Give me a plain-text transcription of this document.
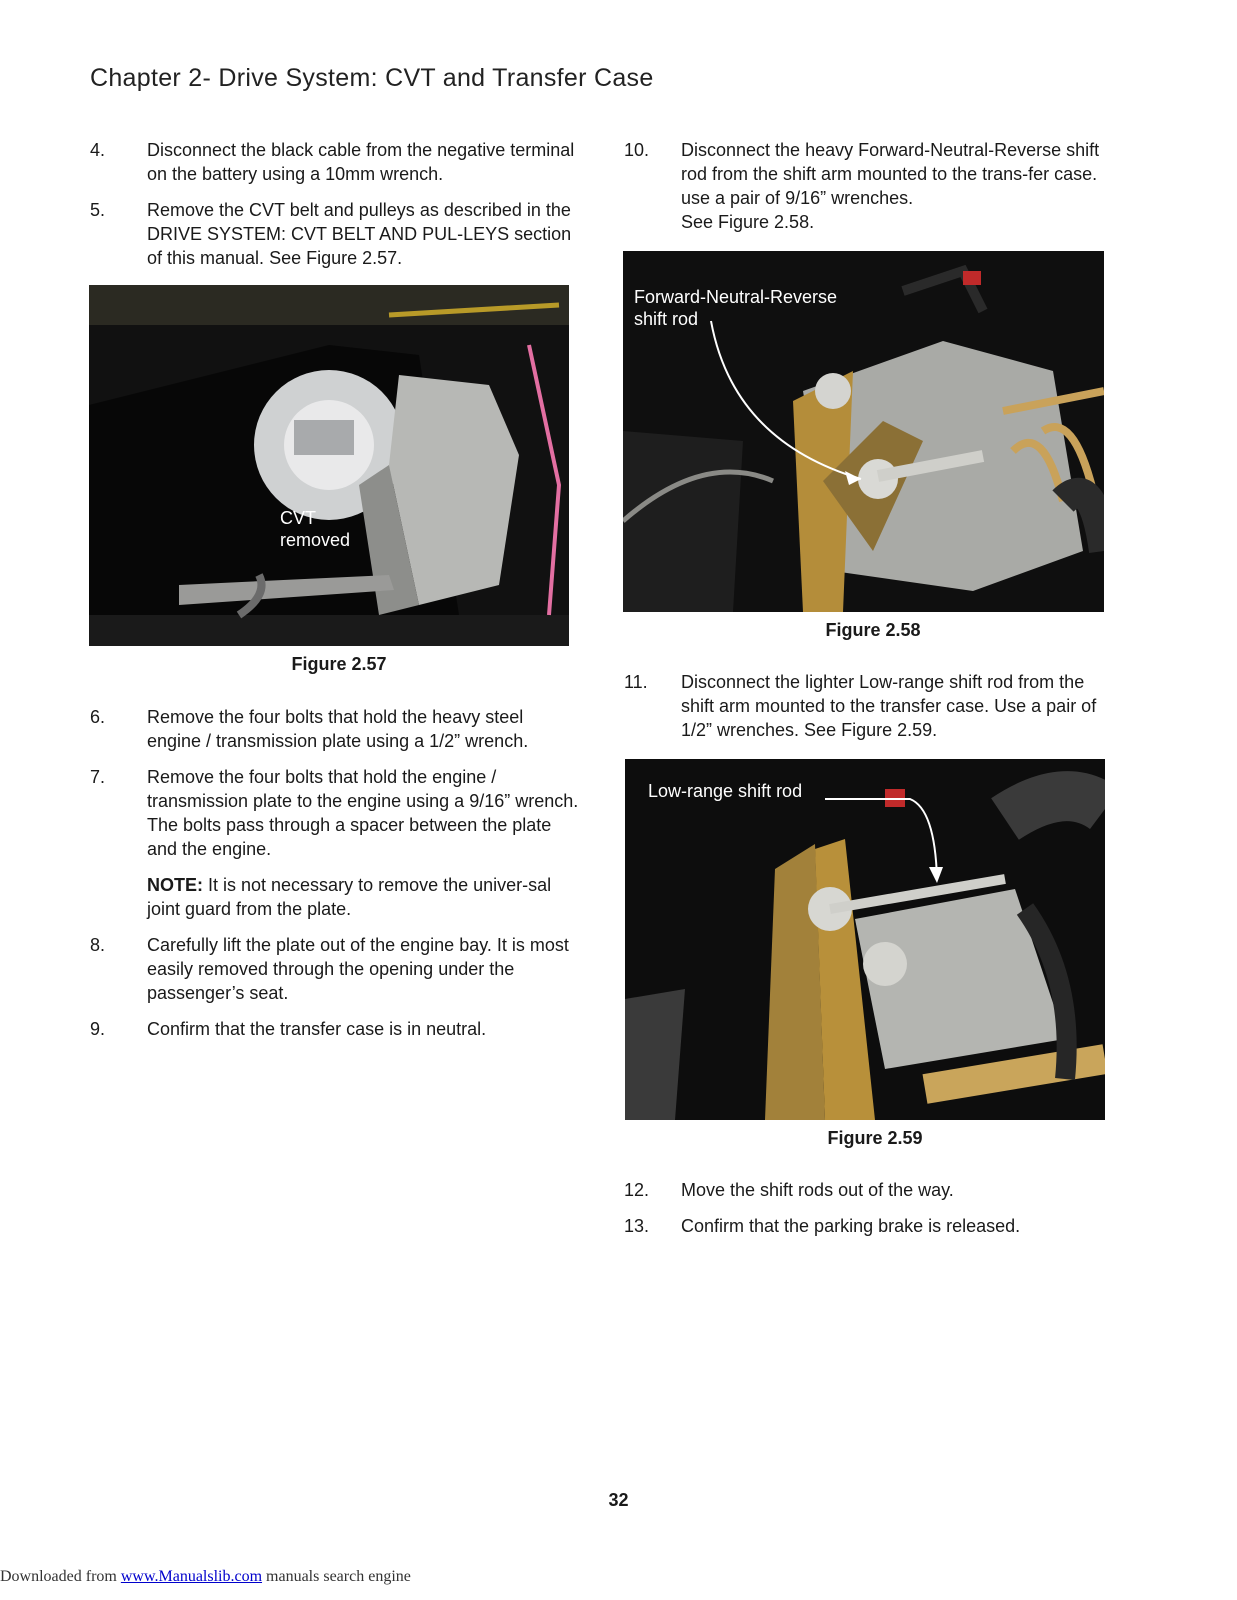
Chapter 2- Drive System: CVT and Transfer Case
4.	Disconnect the black cable from the negative terminal on the battery using a 10mm wrench.
5.	Remove the CVT belt and pulleys as described in the DRIVE SYSTEM: CVT BELT AND PUL-LEYS section of this manual. See Figure 2.57.
CVT
removed
Figure 2.57
6.	Remove the four bolts that hold the heavy steel engine / transmission plate using a 1/2” wrench.
7.	Remove the four bolts that hold the engine / transmission plate to the engine using a 9/16” wrench. The bolts pass through a spacer between the plate and the engine.
NOTE: It is not necessary to remove the univer-sal joint guard from the plate.
8.	Carefully lift the plate out of the engine bay. It is most easily removed through the opening under the passenger’s seat.
9.	Confirm that the transfer case is in neutral.
10.	Disconnect the heavy Forward-Neutral-Reverse shift rod from the shift arm mounted to the trans-fer case. use a pair of 9/16” wrenches.
See Figure 2.58.
Forward-Neutral-Reverse
shift rod
Figure 2.58
11.	Disconnect the lighter Low-range shift rod from the shift arm mounted to the transfer case. Use a pair of 1/2” wrenches. See Figure 2.59.
Low-range shift rod
Figure 2.59
12.	Move the shift rods out of the way.
13.	Confirm that the parking brake is released.
32
Downloaded from www.Manualslib.com manuals search engine
